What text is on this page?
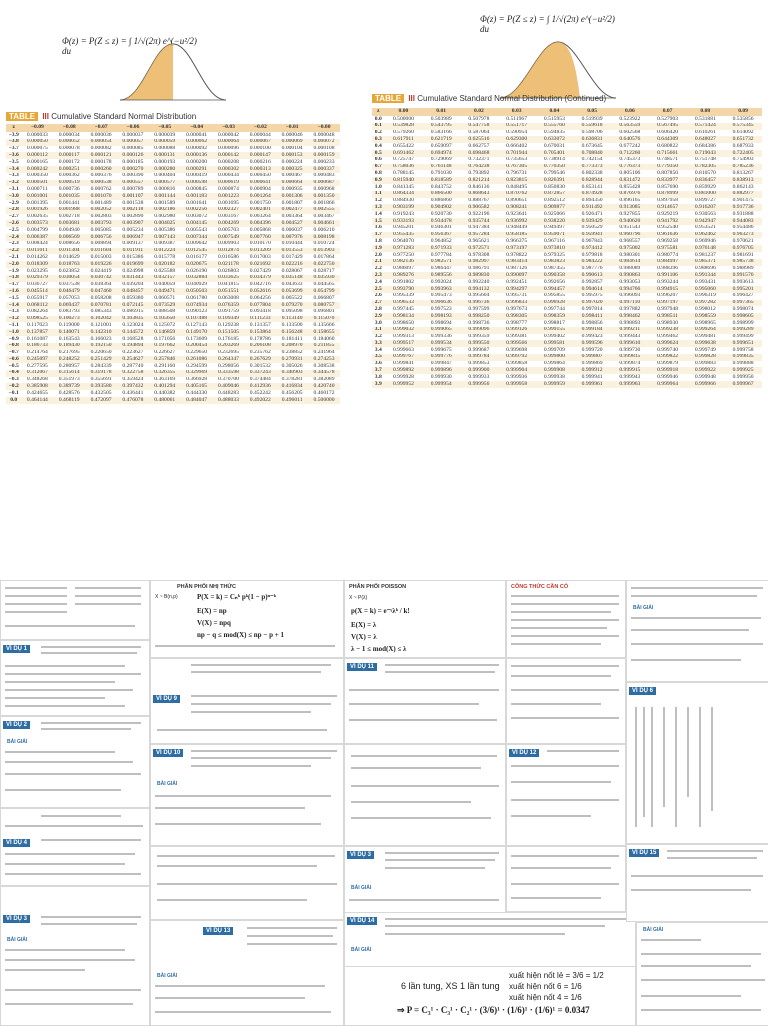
Φ(z) = P(Z ≤ z) = ∫ 1/√(2π) e^(−u²/2) du
TABLE III Cumulative Standard Normal Distribution
z	−0.09	−0.08	−0.07	−0.06	−0.05	−0.04	−0.03	−0.02	−0.01	−0.00
−3.9	0.000033	0.000034	0.000036	0.000037	0.000039	0.000041	0.000042	0.000044	0.000046	0.000048
−3.8	0.000050	0.000052	0.000054	0.000057	0.000059	0.000062	0.000064	0.000067	0.000069	0.000072
−3.7	0.000075	0.000078	0.000082	0.000085	0.000088	0.000092	0.000096	0.000100	0.000104	0.000108
−3.6	0.000112	0.000117	0.000121	0.000126	0.000131	0.000136	0.000142	0.000147	0.000153	0.000159
−3.5	0.000165	0.000172	0.000178	0.000185	0.000193	0.000200	0.000208	0.000216	0.000224	0.000233
−3.4	0.000242	0.000251	0.000260	0.000270	0.000280	0.000291	0.000302	0.000313	0.000325	0.000337
−3.3	0.000350	0.000362	0.000376	0.000390	0.000404	0.000419	0.000434	0.000450	0.000467	0.000483
−3.2	0.000501	0.000519	0.000538	0.000557	0.000577	0.000598	0.000619	0.000641	0.000664	0.000687
−3.1	0.000711	0.000736	0.000762	0.000789	0.000816	0.000845	0.000874	0.000904	0.000935	0.000968
−3.0	0.001001	0.001035	0.001070	0.001107	0.001144	0.001183	0.001223	0.001264	0.001306	0.001350
−2.9	0.001395	0.001441	0.001489	0.001538	0.001589	0.001641	0.001695	0.001750	0.001807	0.001866
−2.8	0.001926	0.001988	0.002052	0.002118	0.002186	0.002256	0.002327	0.002401	0.002477	0.002555
−2.7	0.002635	0.002718	0.002803	0.002890	0.002980	0.003072	0.003167	0.003264	0.003364	0.003467
−2.6	0.003573	0.003681	0.003793	0.003907	0.004025	0.004145	0.004269	0.004396	0.004527	0.004661
−2.5	0.004799	0.004940	0.005085	0.005234	0.005386	0.005543	0.005703	0.005868	0.006037	0.006210
−2.4	0.006387	0.006569	0.006756	0.006947	0.007143	0.007344	0.007549	0.007760	0.007976	0.008198
−2.3	0.008424	0.008656	0.008894	0.009137	0.009387	0.009642	0.009903	0.010170	0.010444	0.010724
−2.2	0.011011	0.011304	0.011604	0.011911	0.012224	0.012545	0.012874	0.013209	0.013553	0.013903
−2.1	0.014262	0.014629	0.015003	0.015386	0.015778	0.016177	0.016586	0.017003	0.017429	0.017864
−2.0	0.018309	0.018763	0.019226	0.019699	0.020182	0.020675	0.021178	0.021692	0.022216	0.022750
−1.9	0.023295	0.023852	0.024419	0.024998	0.025588	0.026190	0.026803	0.027429	0.028067	0.028717
−1.8	0.029379	0.030054	0.030742	0.031443	0.032157	0.032884	0.033625	0.034379	0.035148	0.035930
−1.7	0.036727	0.037538	0.038364	0.039204	0.040059	0.040929	0.041815	0.042716	0.043633	0.044565
−1.6	0.045514	0.046479	0.047460	0.048457	0.049471	0.050503	0.051551	0.052616	0.053699	0.054799
−1.5	0.055917	0.057053	0.058208	0.059380	0.060571	0.061780	0.063008	0.064256	0.065522	0.066807
−1.4	0.068112	0.069437	0.070781	0.072145	0.073529	0.074934	0.076359	0.077804	0.079270	0.080757
−1.3	0.082264	0.083793	0.085343	0.086915	0.088508	0.090123	0.091759	0.093418	0.095098	0.096801
−1.2	0.098525	0.100273	0.102042	0.103835	0.105650	0.107488	0.109349	0.111233	0.113140	0.115070
−1.1	0.117023	0.119000	0.121001	0.123024	0.125072	0.127143	0.129238	0.131357	0.133500	0.135666
−1.0	0.137857	0.140071	0.142310	0.144572	0.146859	0.149170	0.151505	0.153864	0.156248	0.158655
−0.9	0.161087	0.163543	0.166023	0.168528	0.171056	0.173609	0.176185	0.178786	0.181411	0.184060
−0.8	0.186733	0.189430	0.192150	0.194894	0.197662	0.200454	0.203269	0.206108	0.208970	0.211855
−0.7	0.214764	0.217695	0.220650	0.223627	0.226627	0.229650	0.232695	0.235762	0.238852	0.241964
−0.6	0.245097	0.248252	0.251429	0.254627	0.257846	0.261086	0.264347	0.267629	0.270931	0.274253
−0.5	0.277595	0.280957	0.284339	0.287740	0.291160	0.294599	0.298056	0.301532	0.305026	0.308538
−0.4	0.312067	0.315614	0.319178	0.322758	0.326355	0.329969	0.333598	0.337243	0.340903	0.344578
−0.3	0.348268	0.351973	0.355691	0.359424	0.363169	0.366928	0.370700	0.374484	0.378281	0.382089
−0.2	0.385908	0.389739	0.393580	0.397432	0.401294	0.405165	0.409046	0.412936	0.416834	0.420740
−0.1	0.424655	0.428576	0.432505	0.436441	0.440382	0.444330	0.448283	0.452242	0.456205	0.460172
0.0	0.464144	0.468119	0.472097	0.476078	0.480061	0.484047	0.488033	0.492022	0.496011	0.500000
Φ(z) = P(Z ≤ z) = ∫ 1/√(2π) e^(−u²/2) du
TABLE III Cumulative Standard Normal Distribution (Continued)
z	0.00	0.01	0.02	0.03	0.04	0.05	0.06	0.07	0.08	0.09
0.0	0.500000	0.503989	0.507978	0.511967	0.515953	0.519939	0.523922	0.527903	0.531881	0.535856
0.1	0.539828	0.543795	0.547758	0.551717	0.555760	0.559618	0.563559	0.567495	0.571424	0.575345
0.2	0.579260	0.583166	0.587064	0.590954	0.594835	0.598706	0.602568	0.606420	0.610261	0.614092
0.3	0.617911	0.621719	0.625516	0.629300	0.633072	0.636831	0.640576	0.644309	0.648027	0.651732
0.4	0.655422	0.659097	0.662757	0.666402	0.670031	0.673645	0.677242	0.680822	0.684386	0.687933
0.5	0.691462	0.694974	0.698468	0.701944	0.705401	0.708840	0.712260	0.715661	0.719043	0.722405
0.6	0.725747	0.729069	0.732371	0.735653	0.738914	0.742154	0.745373	0.748571	0.751748	0.754903
0.7	0.758036	0.761148	0.764238	0.767305	0.770350	0.773373	0.776373	0.779350	0.782305	0.785236
0.8	0.788145	0.791030	0.793892	0.796731	0.799546	0.802338	0.805106	0.807850	0.810570	0.813267
0.9	0.815940	0.818589	0.821214	0.823815	0.826391	0.828944	0.831472	0.833977	0.836457	0.838913
1.0	0.841345	0.843752	0.846136	0.848495	0.850830	0.853141	0.855428	0.857690	0.859929	0.862143
1.1	0.864334	0.866500	0.868643	0.870762	0.872857	0.874928	0.876976	0.878999	0.881000	0.882977
1.2	0.884930	0.886860	0.888767	0.890651	0.892512	0.894350	0.896165	0.897958	0.899727	0.901475
1.3	0.903199	0.904902	0.906582	0.908241	0.909877	0.911492	0.913085	0.914657	0.916207	0.917736
1.4	0.919243	0.920730	0.922196	0.923641	0.925066	0.926471	0.927855	0.929219	0.930563	0.931888
1.5	0.933193	0.934478	0.935744	0.936992	0.938220	0.939429	0.940620	0.941792	0.942947	0.944083
1.6	0.945201	0.946301	0.947384	0.948449	0.949497	0.950529	0.951543	0.952540	0.953521	0.954486
1.7	0.955435	0.956367	0.957284	0.958185	0.959071	0.959941	0.960796	0.961636	0.962462	0.963273
1.8	0.964070	0.964852	0.965621	0.966375	0.967116	0.967843	0.968557	0.969258	0.969946	0.970621
1.9	0.971283	0.971933	0.972571	0.973197	0.973810	0.974412	0.975002	0.975581	0.976148	0.976705
2.0	0.977250	0.977784	0.978308	0.978822	0.979325	0.979818	0.980301	0.980774	0.981237	0.981691
2.1	0.982136	0.982571	0.982997	0.983414	0.983823	0.984222	0.984614	0.984997	0.985371	0.985738
2.2	0.986097	0.986447	0.986791	0.987126	0.987455	0.987776	0.988089	0.988396	0.988696	0.988989
2.3	0.989276	0.989556	0.989830	0.990097	0.990358	0.990613	0.990863	0.991106	0.991344	0.991576
2.4	0.991802	0.992024	0.992240	0.992451	0.992656	0.992857	0.993053	0.993244	0.993431	0.993613
2.5	0.993790	0.993963	0.994132	0.994297	0.994457	0.994614	0.994766	0.994915	0.995060	0.995201
2.6	0.995339	0.995473	0.995604	0.995731	0.995855	0.995975	0.996093	0.996207	0.996319	0.996427
2.7	0.996533	0.996636	0.996736	0.996833	0.996928	0.997020	0.997110	0.997197	0.997282	0.997365
2.8	0.997445	0.997523	0.997599	0.997673	0.997744	0.997814	0.997882	0.997948	0.998012	0.998074
2.9	0.998134	0.998193	0.998250	0.998305	0.998359	0.998411	0.998462	0.998511	0.998559	0.998605
3.0	0.998650	0.998694	0.998736	0.998777	0.998817	0.998856	0.998893	0.998930	0.998965	0.998999
3.1	0.999032	0.999065	0.999096	0.999126	0.999155	0.999184	0.999211	0.999238	0.999264	0.999289
3.2	0.999313	0.999336	0.999359	0.999381	0.999402	0.999423	0.999443	0.999462	0.999481	0.999499
3.3	0.999517	0.999534	0.999550	0.999566	0.999581	0.999596	0.999610	0.999624	0.999638	0.999651
3.4	0.999663	0.999675	0.999687	0.999698	0.999709	0.999720	0.999730	0.999740	0.999749	0.999758
3.5	0.999767	0.999776	0.999784	0.999792	0.999800	0.999807	0.999815	0.999822	0.999828	0.999835
3.6	0.999841	0.999847	0.999853	0.999858	0.999864	0.999869	0.999874	0.999879	0.999883	0.999888
3.7	0.999892	0.999896	0.999900	0.999904	0.999908	0.999912	0.999915	0.999918	0.999922	0.999925
3.8	0.999928	0.999930	0.999933	0.999936	0.999938	0.999941	0.999943	0.999946	0.999948	0.999950
3.9	0.999952	0.999954	0.999956	0.999958	0.999959	0.999961	0.999963	0.999964	0.999966	0.999967
VÍ DỤ 1
VÍ DỤ 2
BÀI GIẢI
VÍ DỤ 4
VÍ DỤ 3
BÀI GIẢI
PHÂN PHỐI NHỊ THỨC
X ~ B(n,p)	P(X = k) = Cₙᵏ pᵏ(1 − p)ⁿ⁻ᵏ
E(X) = np
V(X) = npq
np − q ≤ mod(X) ≤ np − p + 1
VÍ DỤ 9
VÍ DỤ 10
BÀI GIẢI
VÍ DỤ 13
BÀI GIẢI
PHÂN PHỐI POISSON
X ~ P(λ)
p(X = k) = e⁻ᵞλᵏ / k!
E(X) = λ
V(X) = λ
λ − 1 ≤ mod(X) ≤ λ
VÍ DỤ 11
VÍ DỤ 3
BÀI GIẢI
VÍ DỤ 14
BÀI GIẢI
6 lần tung, XS 1 lần tung
xuất hiện nốt lẻ = 3/6 = 1/2
xuất hiện nốt 6 = 1/6
xuất hiện nốt 4 = 1/6
⇒ P = C₃¹ · C₃¹ · C₂¹ · (3/6)¹ · (1/6)¹ · (1/6)¹ = 0.0347
CÔNG THỨC CẦN CÓ
VÍ DỤ 12
BÀI GIẢI
VÍ DỤ 6
VÍ DỤ 15
BÀI GIẢI
